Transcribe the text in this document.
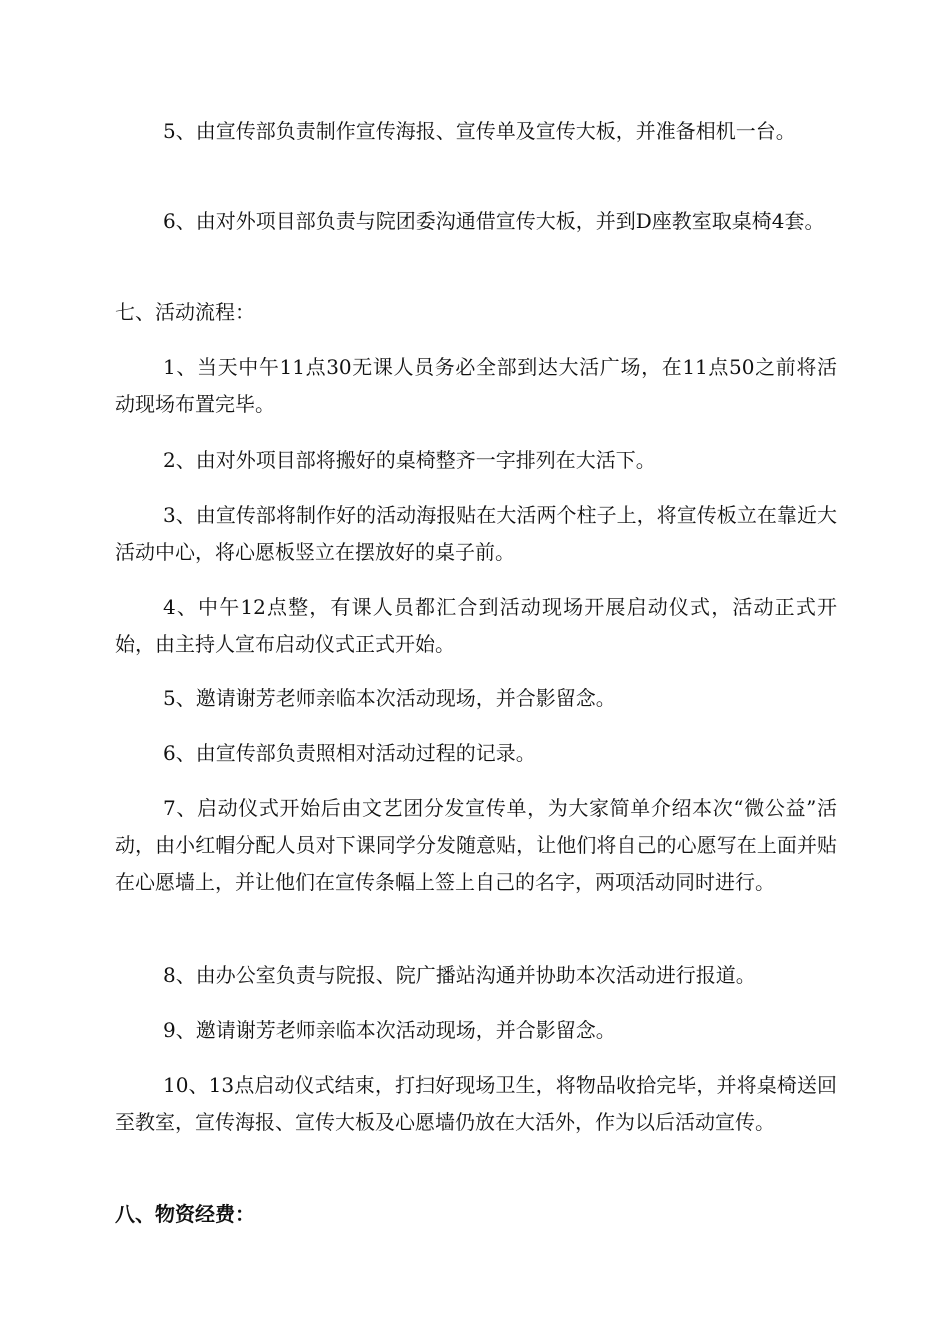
5、由宣传部负责制作宣传海报、宣传单及宣传大板，并准备相机一台。

6、由对外项目部负责与院团委沟通借宣传大板，并到D座教室取桌椅4套。

七、活动流程：

1、当天中午11点30无课人员务必全部到达大活广场，在11点50之前将活动现场布置完毕。

2、由对外项目部将搬好的桌椅整齐一字排列在大活下。

3、由宣传部将制作好的活动海报贴在大活两个柱子上，将宣传板立在靠近大活动中心，将心愿板竖立在摆放好的桌子前。

4、中午12点整，有课人员都汇合到活动现场开展启动仪式，活动正式开始，由主持人宣布启动仪式正式开始。

5、邀请谢芳老师亲临本次活动现场，并合影留念。

6、由宣传部负责照相对活动过程的记录。

7、启动仪式开始后由文艺团分发宣传单，为大家简单介绍本次“微公益”活动，由小红帽分配人员对下课同学分发随意贴，让他们将自己的心愿写在上面并贴在心愿墙上，并让他们在宣传条幅上签上自己的名字，两项活动同时进行。

8、由办公室负责与院报、院广播站沟通并协助本次活动进行报道。

9、邀请谢芳老师亲临本次活动现场，并合影留念。

10、13点启动仪式结束，打扫好现场卫生，将物品收拾完毕，并将桌椅送回至教室，宣传海报、宣传大板及心愿墙仍放在大活外，作为以后活动宣传。

八、物资经费：
